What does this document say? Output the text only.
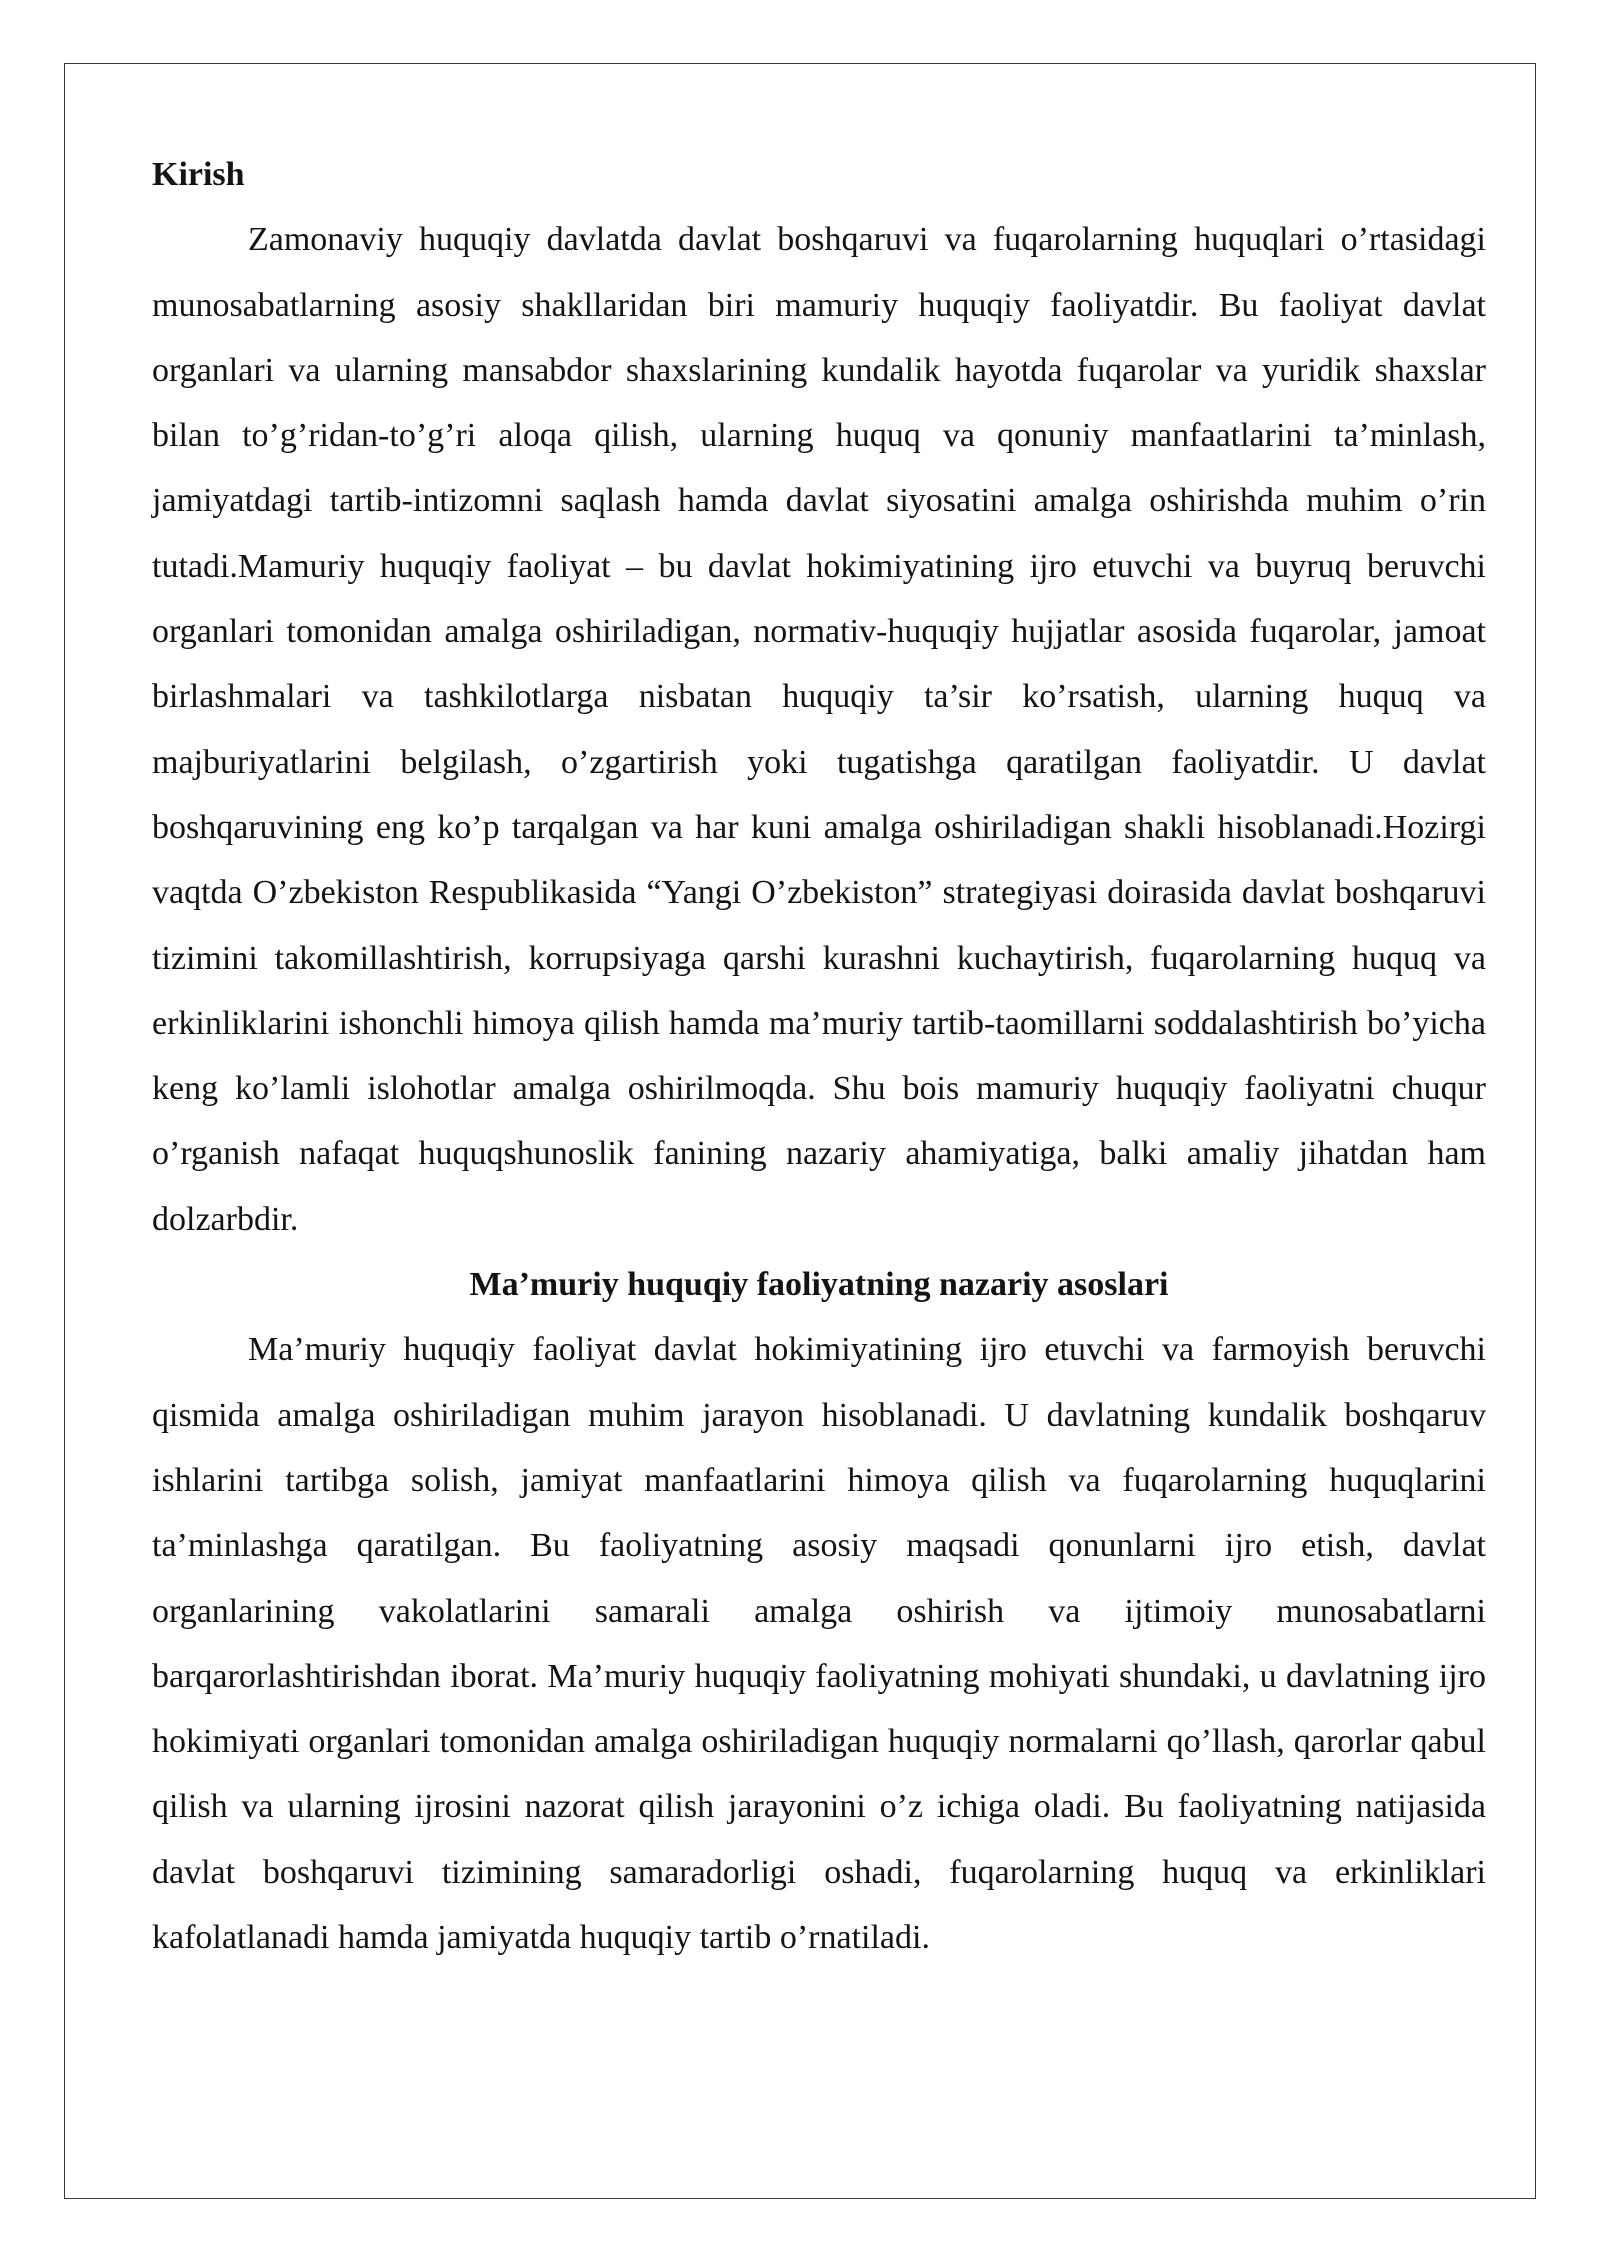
Kirish

Zamonaviy huquqiy davlatda davlat boshqaruvi va fuqarolarning huquqlari o’rtasidagi munosabatlarning asosiy shakllaridan biri mamuriy huquqiy faoliyatdir. Bu faoliyat davlat organlari va ularning mansabdor shaxslarining kundalik hayotda fuqarolar va yuridik shaxslar bilan to’g’ridan-to’g’ri aloqa qilish, ularning huquq va qonuniy manfaatlarini ta’minlash, jamiyatdagi tartib-intizomni saqlash hamda davlat siyosatini amalga oshirishda muhim o’rin tutadi.Mamuriy huquqiy faoliyat – bu davlat hokimiyatining ijro etuvchi va buyruq beruvchi organlari tomonidan amalga oshiriladigan, normativ-huquqiy hujjatlar asosida fuqarolar, jamoat birlashmalari va tashkilotlarga nisbatan huquqiy ta’sir ko’rsatish, ularning huquq va majburiyatlarini belgilash, o’zgartirish yoki tugatishga qaratilgan faoliyatdir. U davlat boshqaruvining eng ko’p tarqalgan va har kuni amalga oshiriladigan shakli hisoblanadi.Hozirgi vaqtda O’zbekiston Respublikasida “Yangi O’zbekiston” strategiyasi doirasida davlat boshqaruvi tizimini takomillashtirish, korrupsiyaga qarshi kurashni kuchaytirish, fuqarolarning huquq va erkinliklarini ishonchli himoya qilish hamda ma’muriy tartib-taomillarni soddalashtirish bo’yicha keng ko’lamli islohotlar amalga oshirilmoqda. Shu bois mamuriy huquqiy faoliyatni chuqur o’rganish nafaqat huquqshunoslik fanining nazariy ahamiyatiga, balki amaliy jihatdan ham dolzarbdir.

Ma’muriy huquqiy faoliyatning nazariy asoslari

Ma’muriy huquqiy faoliyat davlat hokimiyatining ijro etuvchi va farmoyish beruvchi qismida amalga oshiriladigan muhim jarayon hisoblanadi. U davlatning kundalik boshqaruv ishlarini tartibga solish, jamiyat manfaatlarini himoya qilish va fuqarolarning huquqlarini ta’minlashga qaratilgan. Bu faoliyatning asosiy maqsadi qonunlarni ijro etish, davlat organlarining vakolatlarini samarali amalga oshirish va ijtimoiy munosabatlarni barqarorlashtirishdan iborat. Ma’muriy huquqiy faoliyatning mohiyati shundaki, u davlatning ijro hokimiyati organlari tomonidan amalga oshiriladigan huquqiy normalarni qo’llash, qarorlar qabul qilish va ularning ijrosini nazorat qilish jarayonini o’z ichiga oladi. Bu faoliyatning natijasida davlat boshqaruvi tizimining samaradorligi oshadi, fuqarolarning huquq va erkinliklari kafolatlanadi hamda jamiyatda huquqiy tartib o’rnatiladi.
